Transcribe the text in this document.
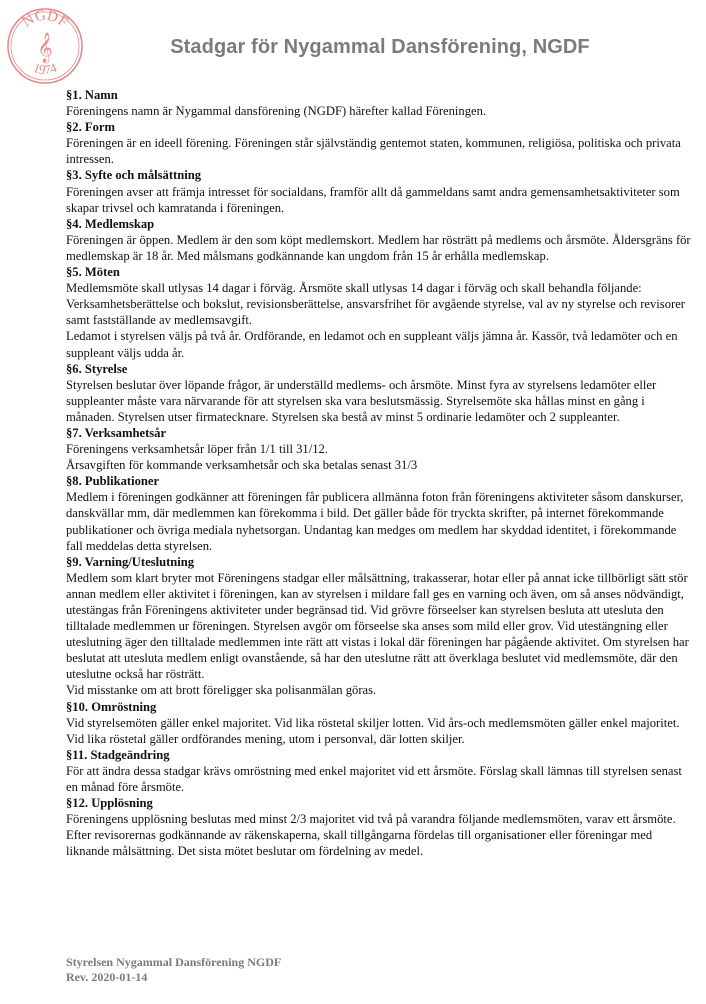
NGDF
1974
𝄞	Stadgar för Nygammal Dansförening, NGDF
§1. Namn

Föreningens namn är Nygammal dansförening (NGDF) härefter kallad Föreningen.

§2. Form

Föreningen är en ideell förening. Föreningen står självständig gentemot staten, kommunen, religiösa, politiska och privata intressen.

§3. Syfte och målsättning

Föreningen avser att främja intresset för socialdans, framför allt då gammeldans samt andra gemensamhetsaktiviteter som skapar trivsel och kamratanda i föreningen.

§4. Medlemskap

Föreningen är öppen. Medlem är den som köpt medlemskort. Medlem har rösträtt på medlems och årsmöte. Åldersgräns för medlemskap är 18 år. Med målsmans godkännande kan ungdom från 15 år erhålla medlemskap.

§5. Möten

Medlemsmöte skall utlysas 14 dagar i förväg. Årsmöte skall utlysas 14 dagar i förväg och skall behandla följande: Verksamhetsberättelse och bokslut, revisionsberättelse, ansvarsfrihet för avgående styrelse, val av ny styrelse och revisorer samt fastställande av medlemsavgift.

Ledamot i styrelsen väljs på två år. Ordförande, en ledamot och en suppleant väljs jämna år. Kassör, två ledamöter och en suppleant väljs udda år.

§6. Styrelse

Styrelsen beslutar över löpande frågor, är underställd medlems- och årsmöte. Minst fyra av styrelsens ledamöter eller suppleanter måste vara närvarande för att styrelsen ska vara beslutsmässig. Styrelsemöte ska hållas minst en gång i månaden. Styrelsen utser firmatecknare. Styrelsen ska bestå av minst 5 ordinarie ledamöter och 2 suppleanter.

§7. Verksamhetsår

Föreningens verksamhetsår löper från 1/1 till 31/12.

Årsavgiften för kommande verksamhetsår och ska betalas senast 31/3

§8. Publikationer

Medlem i föreningen godkänner att föreningen får publicera allmänna foton från föreningens aktiviteter såsom danskurser, danskvällar mm, där medlemmen kan förekomma i bild. Det gäller både för tryckta skrifter, på internet förekommande publikationer och övriga mediala nyhetsorgan. Undantag kan medges om medlem har skyddad identitet, i förekommande fall meddelas detta styrelsen.

§9. Varning/Uteslutning

Medlem som klart bryter mot Föreningens stadgar eller målsättning, trakasserar, hotar eller på annat icke tillbörligt sätt stör annan medlem eller aktivitet i föreningen, kan av styrelsen i mildare fall ges en varning och även, om så anses nödvändigt, utestängas från Föreningens aktiviteter under begränsad tid. Vid grövre förseelser kan styrelsen besluta att utesluta den tilltalade medlemmen ur föreningen. Styrelsen avgör om förseelse ska anses som mild eller grov. Vid utestängning eller uteslutning äger den tilltalade medlemmen inte rätt att vistas i lokal där föreningen har pågående aktivitet. Om styrelsen har beslutat att utesluta medlem enligt ovanstående, så har den uteslutne rätt att överklaga beslutet vid medlemsmöte, där den uteslutne också har rösträtt.

Vid misstanke om att brott föreligger ska polisanmälan göras.

§10. Omröstning

Vid styrelsemöten gäller enkel majoritet. Vid lika röstetal skiljer lotten. Vid års-och medlemsmöten gäller enkel majoritet. Vid lika röstetal gäller ordförandes mening, utom i personval, där lotten skiljer.

§11. Stadgeändring

För att ändra dessa stadgar krävs omröstning med enkel majoritet vid ett årsmöte. Förslag skall lämnas till styrelsen senast en månad före årsmöte.

§12. Upplösning

Föreningens upplösning beslutas med minst 2/3 majoritet vid två på varandra följande medlemsmöten, varav ett årsmöte. Efter revisorernas godkännande av räkenskaperna, skall tillgångarna fördelas till organisationer eller föreningar med liknande målsättning. Det sista mötet beslutar om fördelning av medel.

Styrelsen Nygammal Dansförening NGDF
Rev. 2020-01-14
